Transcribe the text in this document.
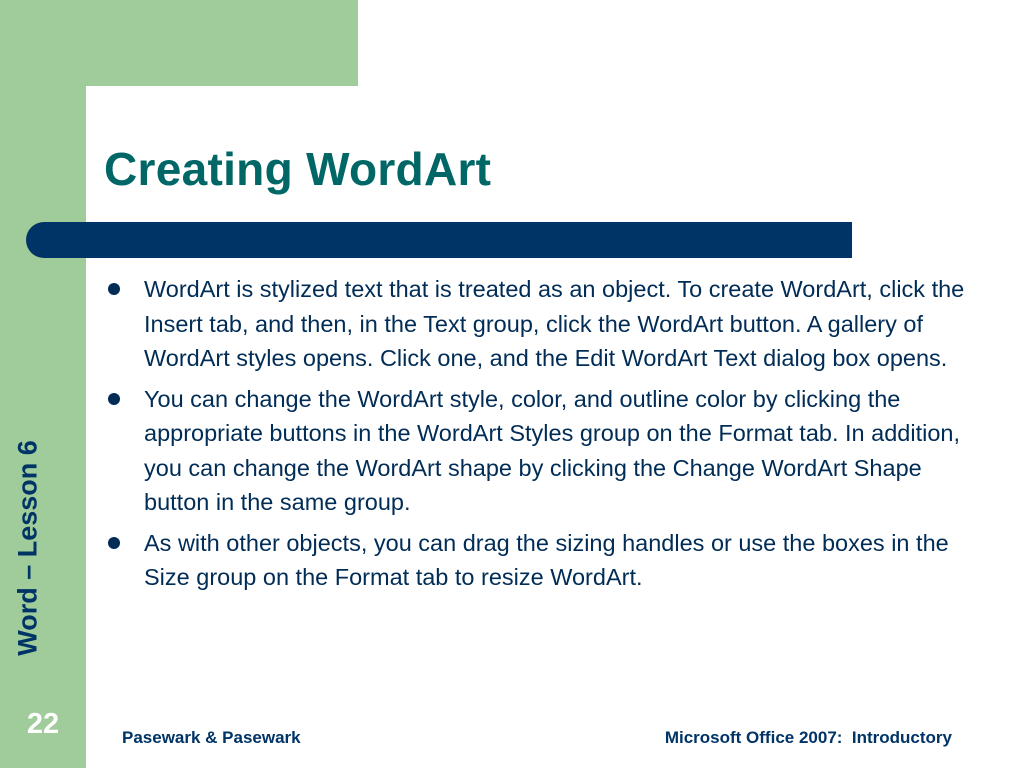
Word – Lesson 6
22
Creating WordArt
WordArt is stylized text that is treated as an object. To create WordArt, click the Insert tab, and then, in the Text group, click the WordArt button. A gallery of WordArt styles opens. Click one, and the Edit WordArt Text dialog box opens.
You can change the WordArt style, color, and outline color by clicking the appropriate buttons in the WordArt Styles group on the Format tab. In addition, you can change the WordArt shape by clicking the Change WordArt Shape button in the same group.
As with other objects, you can drag the sizing handles or use the boxes in the Size group on the Format tab to resize WordArt.
Pasewark & Pasewark	Microsoft Office 2007:  Introductory
